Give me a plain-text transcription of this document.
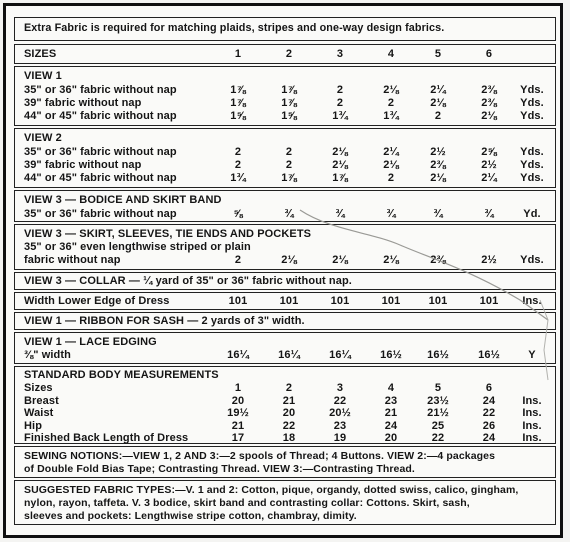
Extra Fabric is required for matching plaids, stripes and one-way design fabrics.
SIZES	1	2	3	4	5	6
VIEW 1
35" or 36" fabric without nap	1⅞	1⅞	2	2⅛	2¼	2⅜ Yds.
39" fabric without nap	1⅞	1⅞	2	2	2⅛	2⅜ Yds.
44" or 45" fabric without nap	1⅝	1⅝	1¾	1¾	2	2⅛ Yds.
VIEW 2
35" or 36" fabric without nap	2	2	2⅛	2¼	2½	2⅝ Yds.
39" fabric without nap	2	2	2⅛	2⅛	2⅜	2½ Yds.
44" or 45" fabric without nap	1¾	1⅞	1⅞	2	2⅛	2¼ Yds.
VIEW 3 — BODICE AND SKIRT BAND
35" or 36" fabric without nap	⅝	¾	¾	¾	¾	¾	Yd.
VIEW 3 — SKIRT, SLEEVES, TIE ENDS AND POCKETS
35" or 36" even lengthwise striped or plain
fabric without nap	2	2⅛	2⅛	2⅛	2⅜	2½ Yds.
VIEW 3 — COLLAR — ¼ yard of 35" or 36" fabric without nap.
Width Lower Edge of Dress	101	101	101	101	101	101 Ins.
VIEW 1 — RIBBON FOR SASH — 2 yards of 3" width.
VIEW 1 — LACE EDGING
⅜" width	16¼	16¼	16¼	16½ 16½	16½	Y
STANDARD BODY MEASUREMENTS
Sizes	1	2	3	4	5	6
Breast	20	21	22	23	23½	24 Ins.
Waist	19½	20	20½	21	21½	22 Ins.
Hip	21	22	23	24	25	26 Ins.
Finished Back Length of Dress	17	18	19	20	22	24 Ins.
SEWING NOTIONS:—VIEW 1, 2 AND 3:—2 spools of Thread; 4 Buttons. VIEW 2:—4 packages
of Double Fold Bias Tape; Contrasting Thread. VIEW 3:—Contrasting Thread.
SUGGESTED FABRIC TYPES:—V. 1 and 2: Cotton, pique, organdy, dotted swiss, calico, gingham,
nylon, rayon, taffeta. V. 3 bodice, skirt band and contrasting collar: Cottons. Skirt, sash,
sleeves and pockets: Lengthwise stripe cotton, chambray, dimity.
